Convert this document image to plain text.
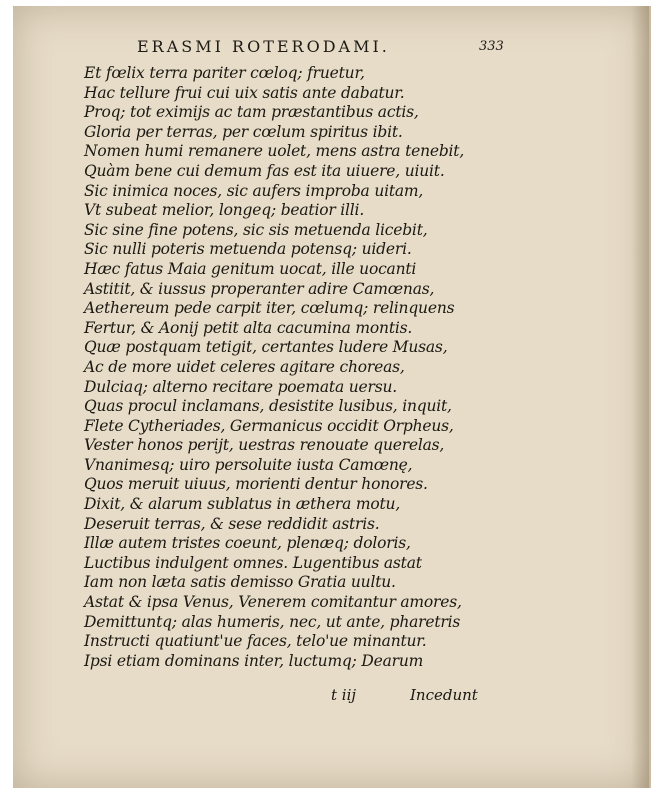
ERASMI ROTERODAMI.	333
Et fœlix terra pariter cœloq; fruetur,
Hac tellure frui cui uix satis ante dabatur.
Proq; tot eximijs ac tam præstantibus actis,
Gloria per terras, per cœlum spiritus ibit.
Nomen humi remanere uolet, mens astra tenebit,
Quàm bene cui demum fas est ita uiuere, uiuit.
Sic inimica noces, sic aufers improba uitam,
Vt subeat melior, longeq; beatior illi.
Sic sine fine potens, sic sis metuenda licebit,
Sic nulli poteris metuenda potensq; uideri.
Hæc fatus Maia genitum uocat, ille uocanti
Astitit, & iussus properanter adire Camœnas,
Aethereum pede carpit iter, cœlumq; relinquens
Fertur, & Aonij petit alta cacumina montis.
Quæ postquam tetigit, certantes ludere Musas,
Ac de more uidet celeres agitare choreas,
Dulciaq; alterno recitare poemata uersu.
Quas procul inclamans, desistite lusibus, inquit,
Flete Cytheriades, Germanicus occidit Orpheus,
Vester honos perijt, uestras renouate querelas,
Vnanimesq; uiro persoluite iusta Camœnę,
Quos meruit uiuus, morienti dentur honores.
Dixit, & alarum sublatus in æthera motu,
Deseruit terras, & sese reddidit astris.
Illæ autem tristes coeunt, plenæq; doloris,
Luctibus indulgent omnes. Lugentibus astat
Iam non læta satis demisso Gratia uultu.
Astat & ipsa Venus, Venerem comitantur amores,
Demittuntq; alas humeris, nec, ut ante, pharetris
Instructi quatiunt'ue faces, telo'ue minantur.
Ipsi etiam dominans inter, luctumq; Dearum
t iij	Incedunt
